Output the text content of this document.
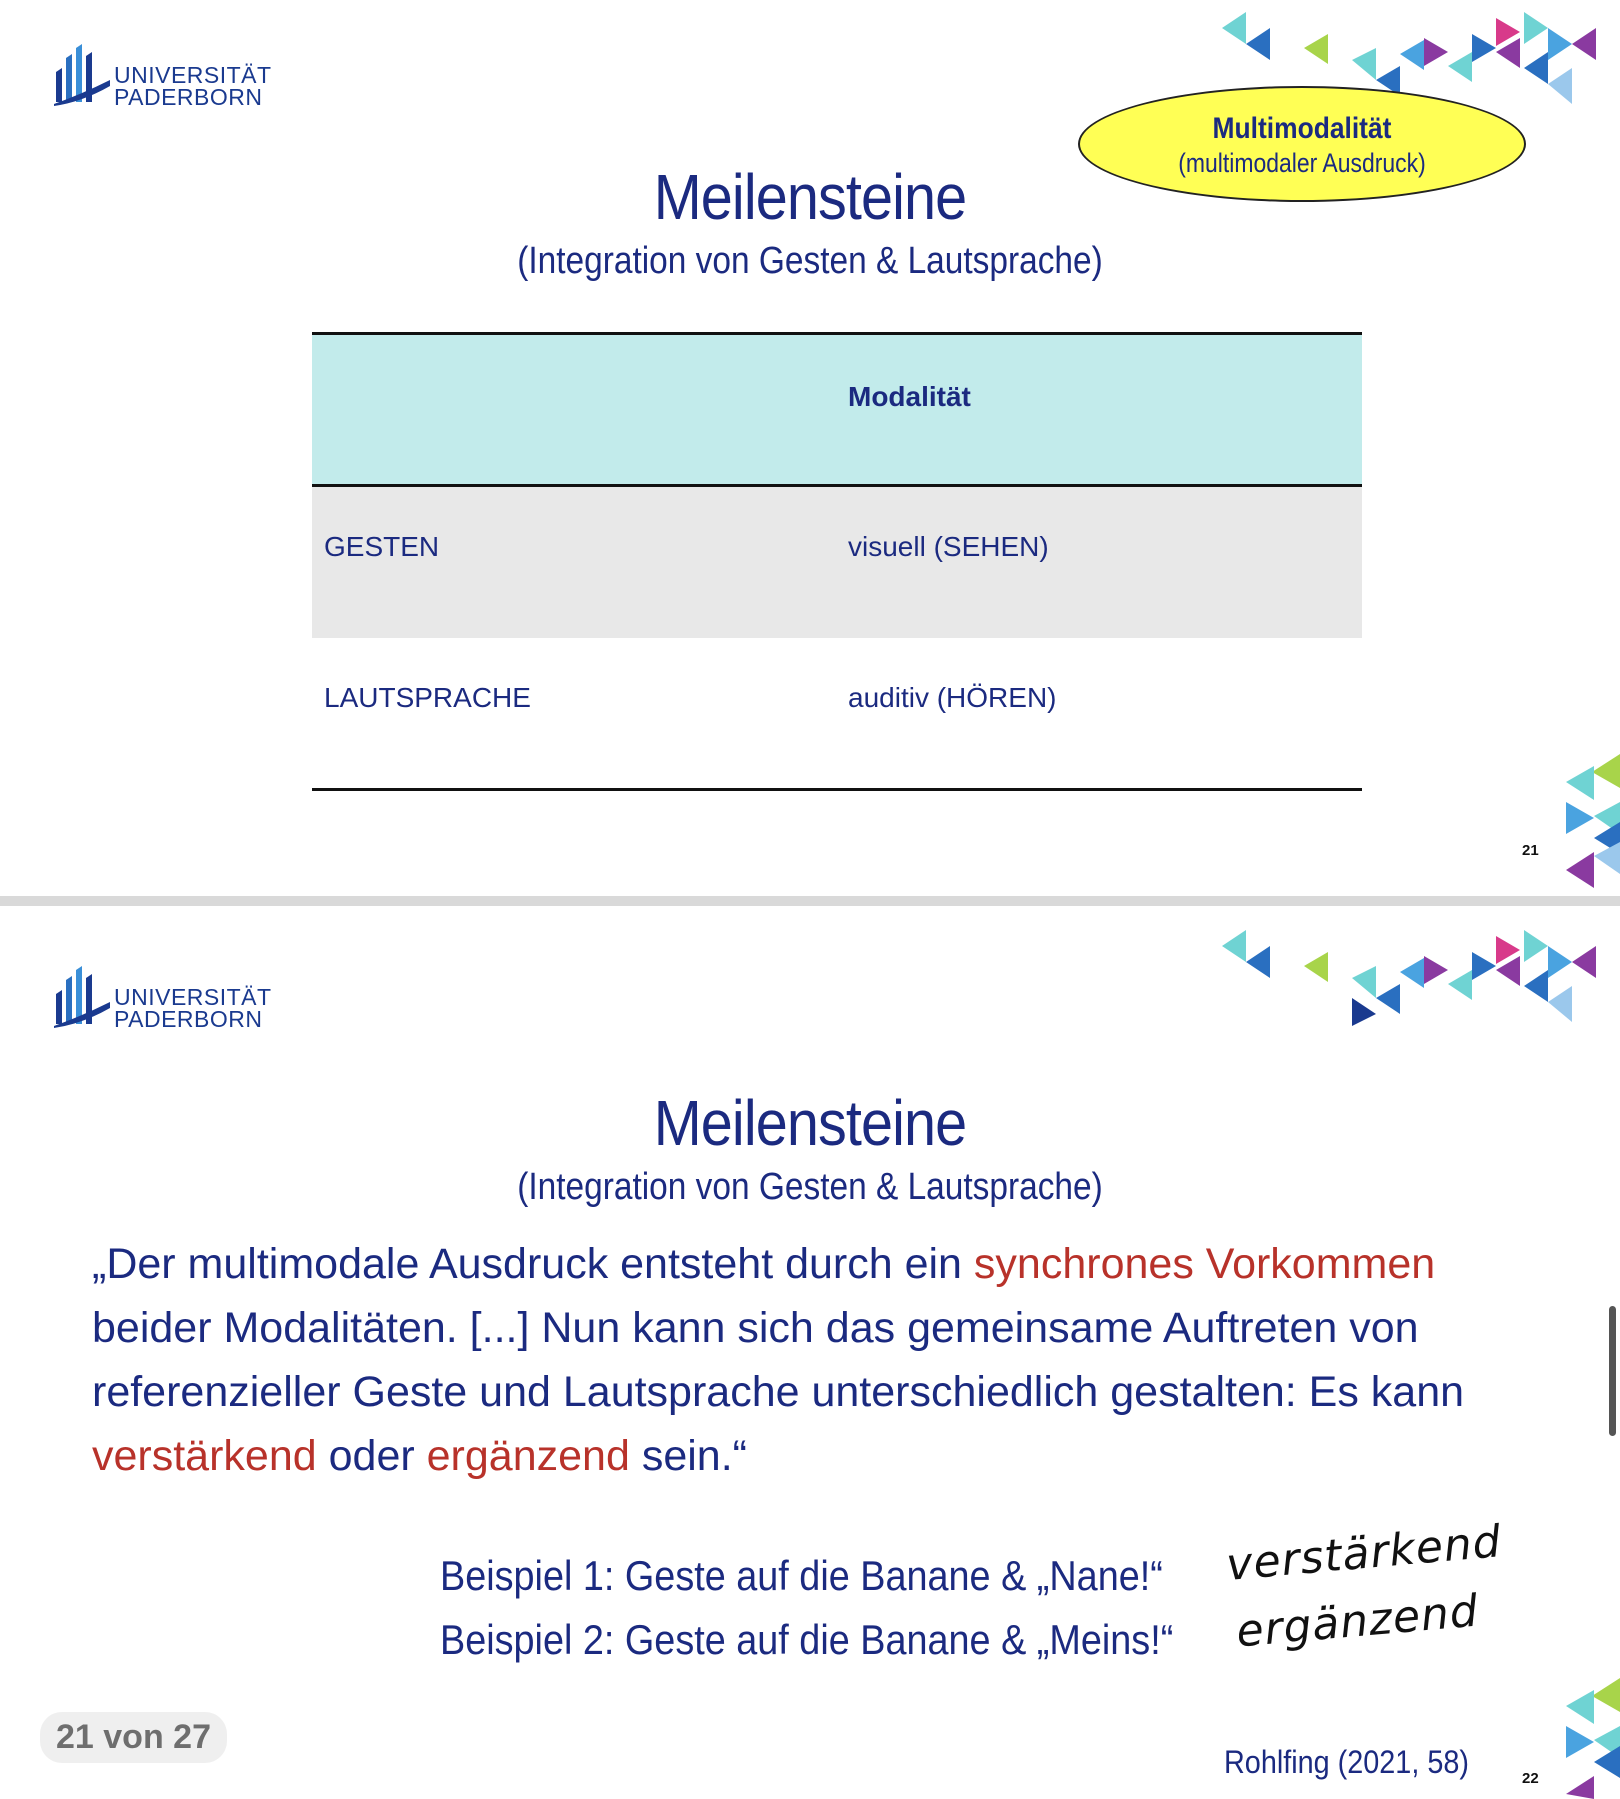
UNIVERSITÄT
PADERBORN
Multimodalität
(multimodaler Ausdruck)
Meilensteine
(Integration von Gesten & Lautsprache)
	Modalität
GESTEN	visuell (SEHEN)
LAUTSPRACHE	auditiv (HÖREN)
21
UNIVERSITÄT
PADERBORN
Meilensteine
(Integration von Gesten & Lautsprache)
„Der multimodale Ausdruck entsteht durch ein synchrones Vorkommen beider Modalitäten. [...] Nun kann sich das gemeinsame Auftreten von referenzieller Geste und Lautsprache unterschiedlich gestalten: Es kann verstärkend oder ergänzend sein.“
Beispiel 1: Geste auf die Banane & „Nane!“
Beispiel 2: Geste auf die Banane & „Meins!“
verstärkend
ergänzend
21 von 27
Rohlfing (2021, 58)	22
